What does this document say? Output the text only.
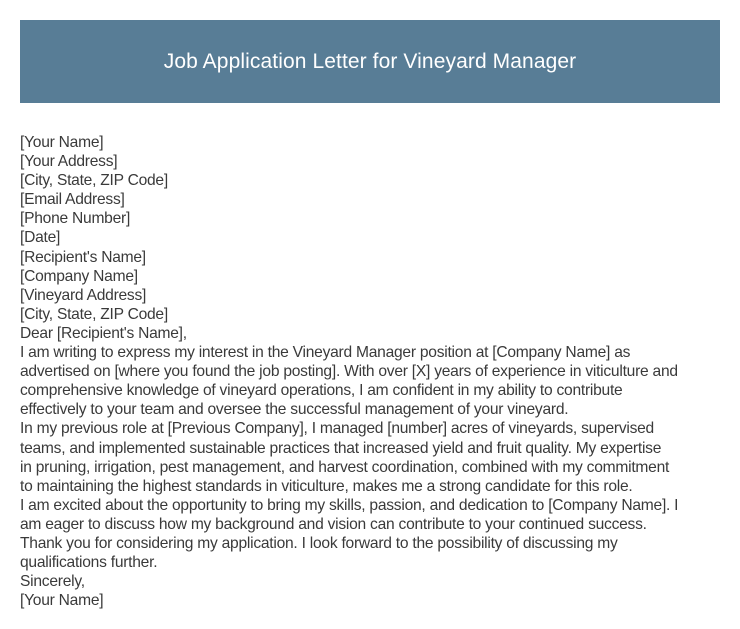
Job Application Letter for Vineyard Manager
[Your Name]
[Your Address]
[City, State, ZIP Code]
[Email Address]
[Phone Number]
[Date]
[Recipient's Name]
[Company Name]
[Vineyard Address]
[City, State, ZIP Code]
Dear [Recipient's Name],
I am writing to express my interest in the Vineyard Manager position at [Company Name] as
advertised on [where you found the job posting]. With over [X] years of experience in viticulture and
comprehensive knowledge of vineyard operations, I am confident in my ability to contribute
effectively to your team and oversee the successful management of your vineyard.
In my previous role at [Previous Company], I managed [number] acres of vineyards, supervised
teams, and implemented sustainable practices that increased yield and fruit quality. My expertise
in pruning, irrigation, pest management, and harvest coordination, combined with my commitment
to maintaining the highest standards in viticulture, makes me a strong candidate for this role.
I am excited about the opportunity to bring my skills, passion, and dedication to [Company Name]. I
am eager to discuss how my background and vision can contribute to your continued success.
Thank you for considering my application. I look forward to the possibility of discussing my
qualifications further.
Sincerely,
[Your Name]
